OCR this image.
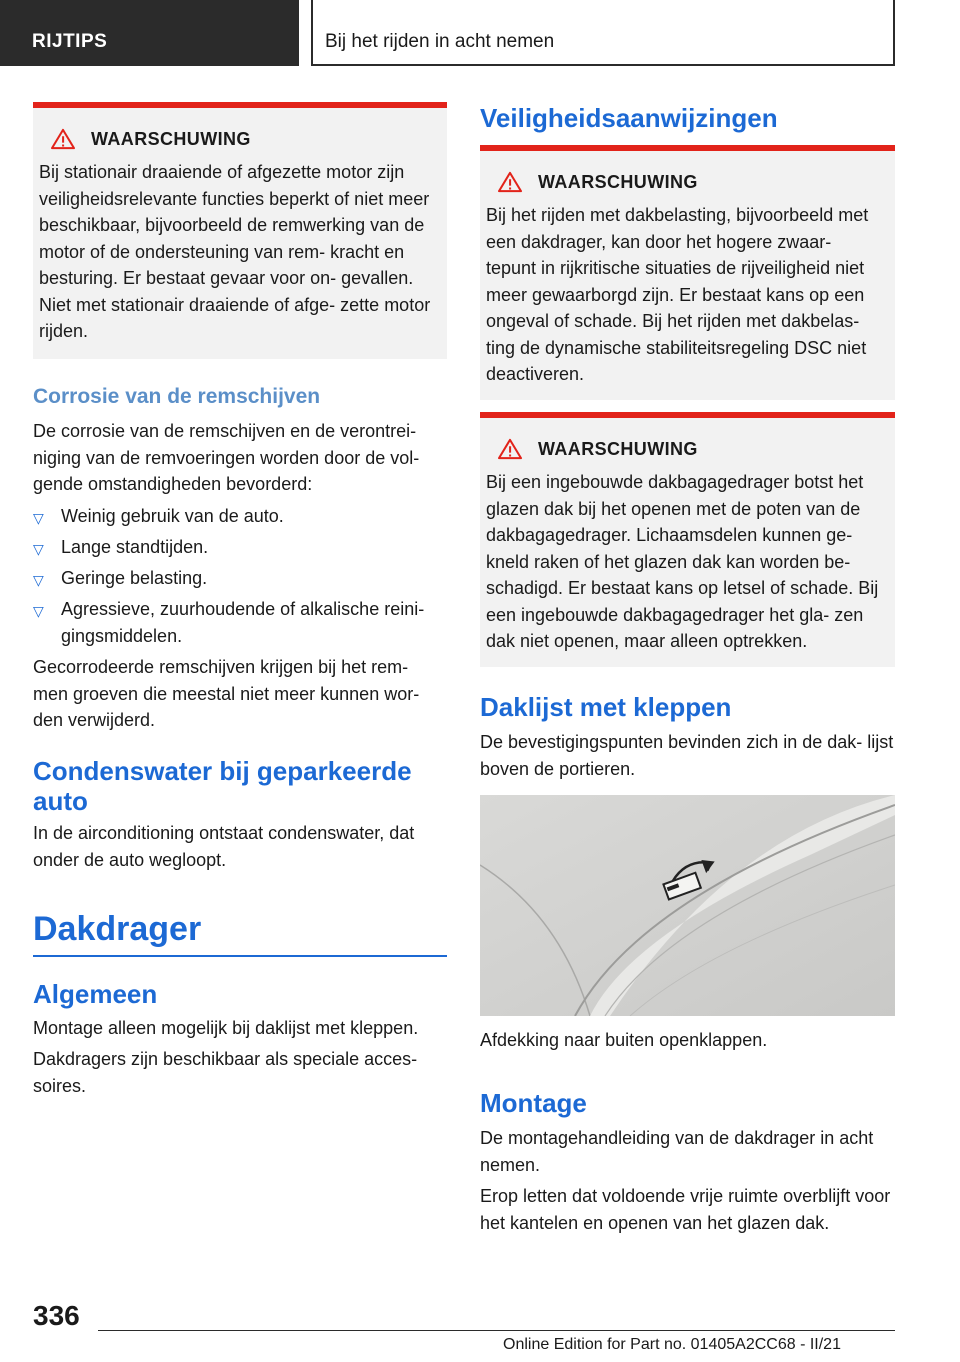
RIJTIPS	Bij het rijden in acht nemen
WAARSCHUWING
Bij stationair draaiende of afgezette motor zijn veiligheidsrelevante functies beperkt of niet meer beschikbaar, bijvoorbeeld de remwerking van de motor of de ondersteuning van rem- kracht en besturing. Er bestaat gevaar voor on- gevallen. Niet met stationair draaiende of afge- zette motor rijden.
Corrosie van de remschijven
De corrosie van de remschijven en de verontrei- niging van de remvoeringen worden door de vol- gende omstandigheden bevorderd:
▽ Weinig gebruik van de auto.
▽ Lange standtijden.
▽ Geringe belasting.
▽ Agressieve, zuurhoudende of alkalische reini- gingsmiddelen.
Gecorrodeerde remschijven krijgen bij het rem- men groeven die meestal niet meer kunnen wor- den verwijderd.
Condenswater bij geparkeerde auto
In de airconditioning ontstaat condenswater, dat onder de auto wegloopt.
Dakdrager
Algemeen
Montage alleen mogelijk bij daklijst met kleppen.
Dakdragers zijn beschikbaar als speciale acces- soires.
Veiligheidsaanwijzingen
WAARSCHUWING
Bij het rijden met dakbelasting, bijvoorbeeld met een dakdrager, kan door het hogere zwaar- tepunt in rijkritische situaties de rijveiligheid niet meer gewaarborgd zijn. Er bestaat kans op een ongeval of schade. Bij het rijden met dakbelas- ting de dynamische stabiliteitsregeling DSC niet deactiveren.
WAARSCHUWING
Bij een ingebouwde dakbagagedrager botst het glazen dak bij het openen met de poten van de dakbagagedrager. Lichaamsdelen kunnen ge- kneld raken of het glazen dak kan worden be- schadigd. Er bestaat kans op letsel of schade. Bij een ingebouwde dakbagagedrager het gla- zen dak niet openen, maar alleen optrekken.
Daklijst met kleppen
De bevestigingspunten bevinden zich in de dak- lijst boven de portieren.
Afdekking naar buiten openklappen.
Montage
De montagehandleiding van de dakdrager in acht nemen.
Erop letten dat voldoende vrije ruimte overblijft voor het kantelen en openen van het glazen dak.
336
Online Edition for Part no. 01405A2CC68 - II/21
